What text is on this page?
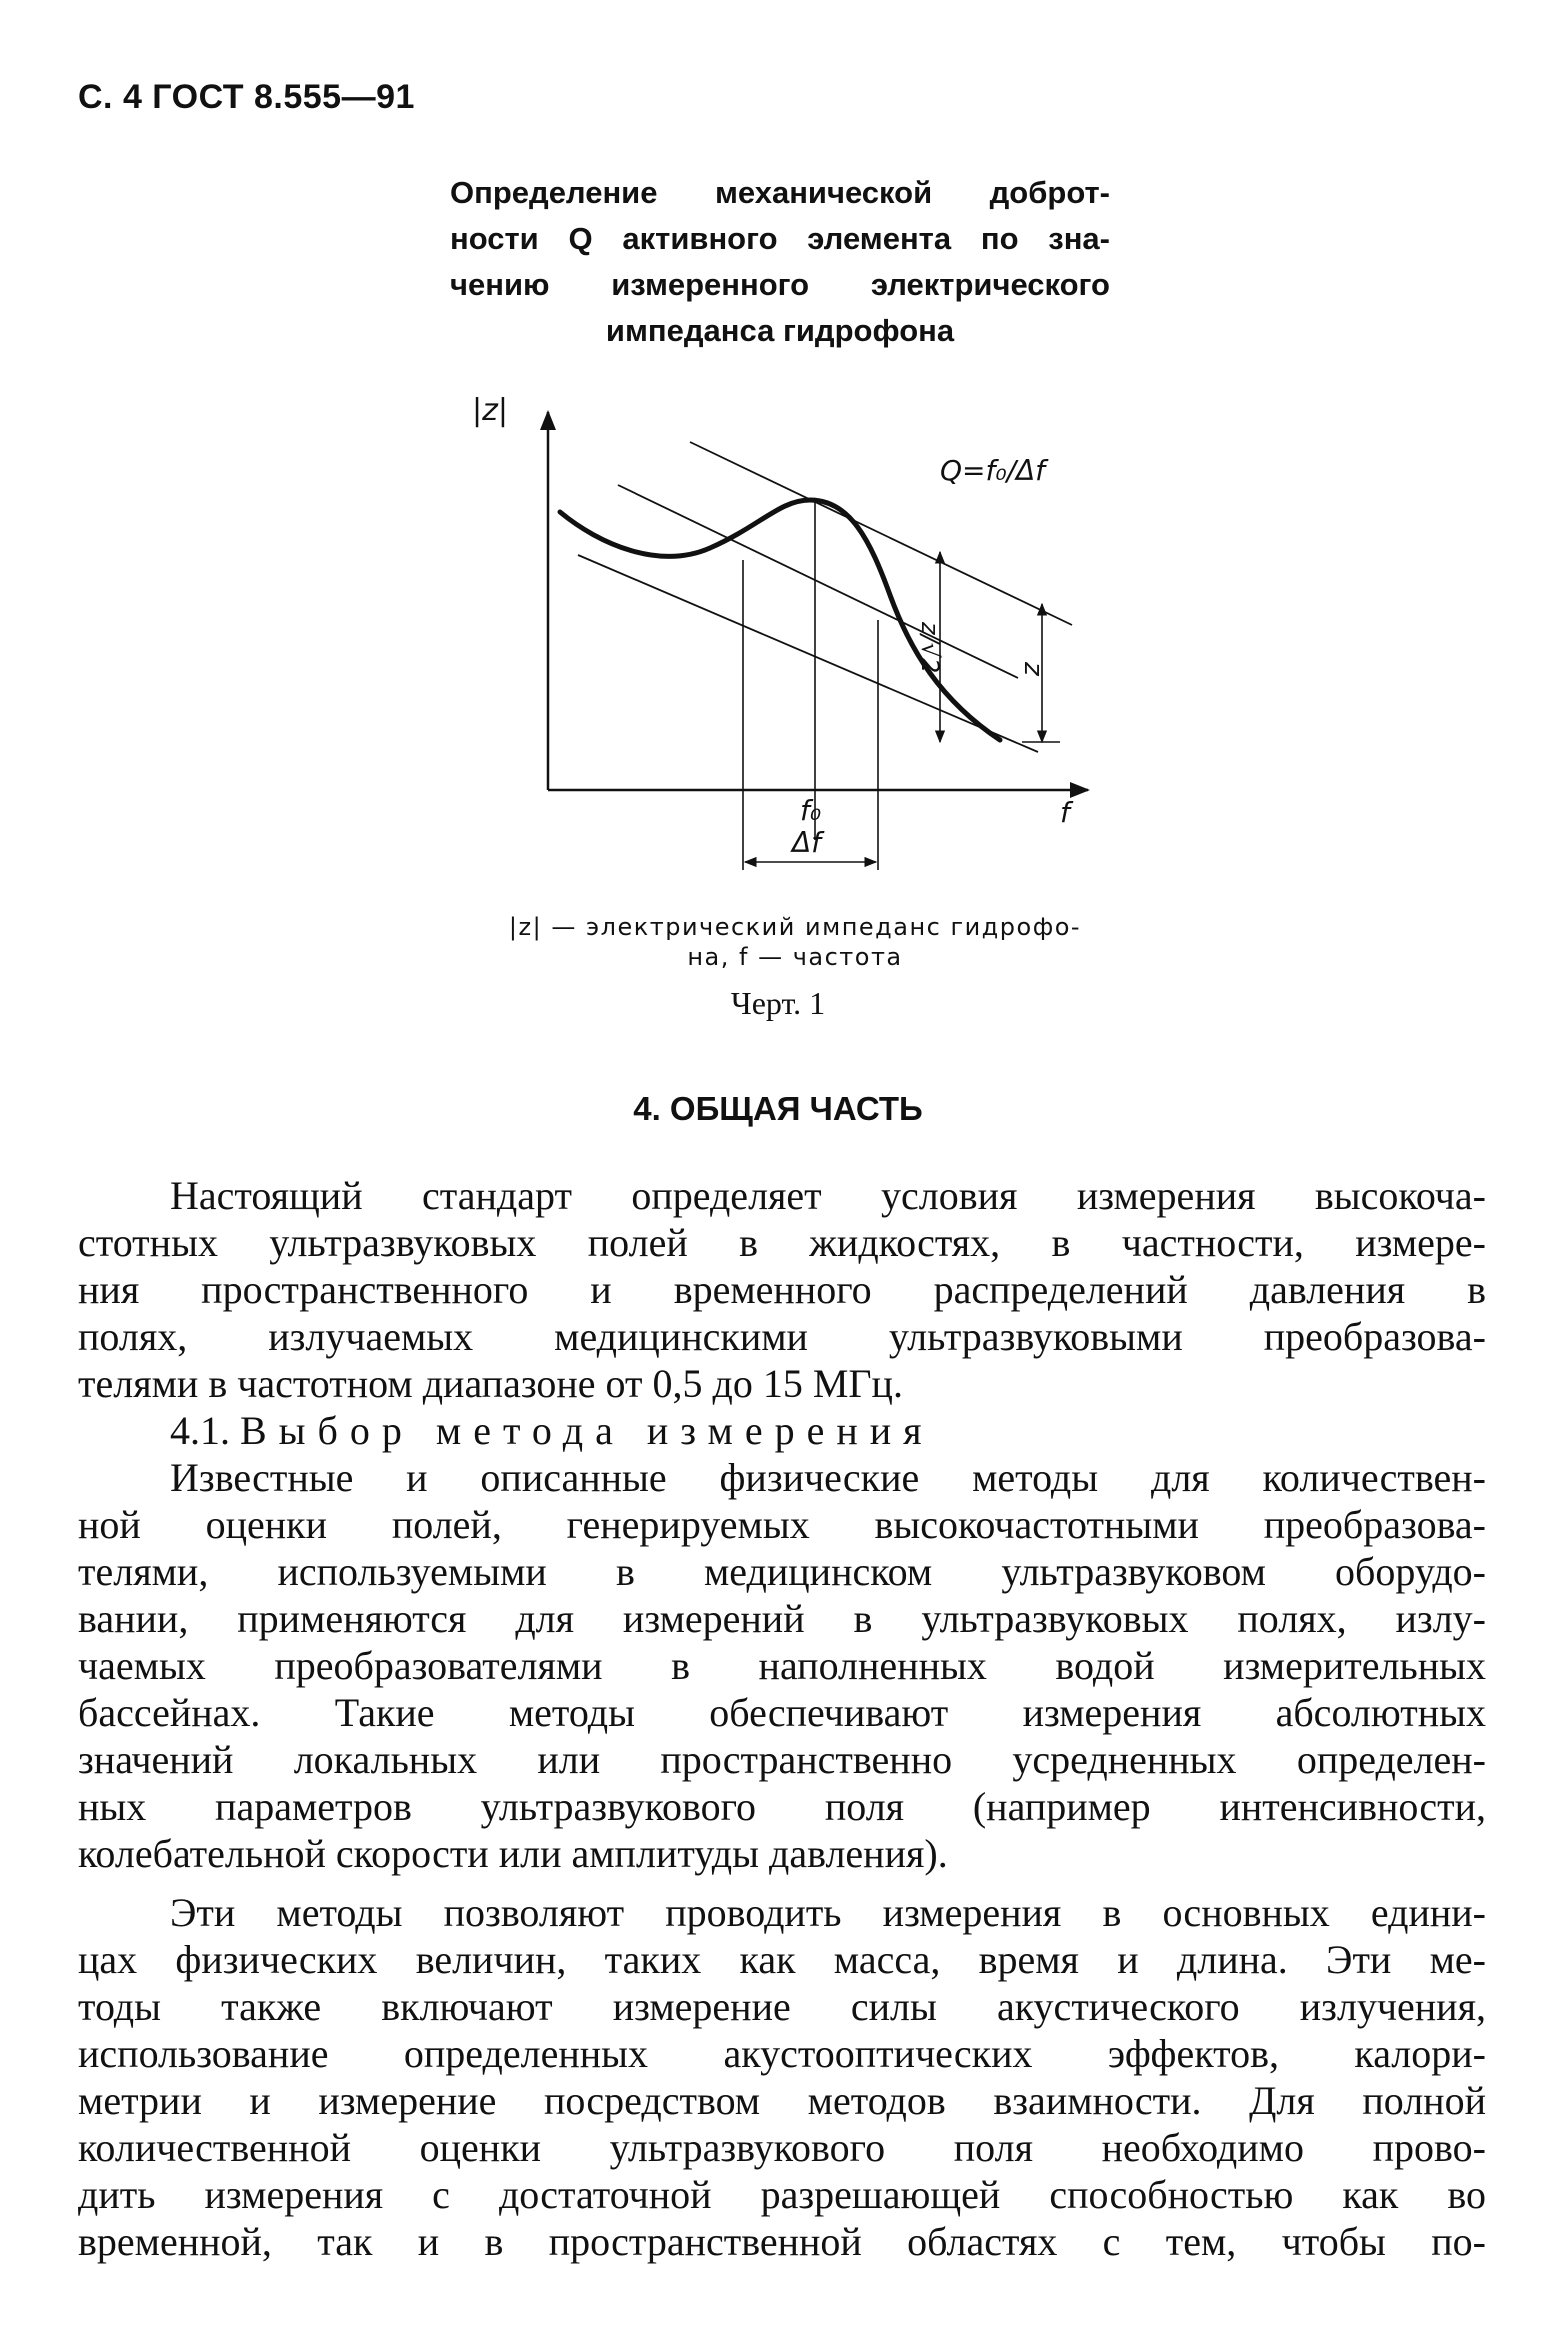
С. 4 ГОСТ 8.555—91
Определение механической доброт-
ности Q активного элемента по зна-
чению измеренного электрического
импеданса гидрофона
|z|
f
Q=f₀/Δf
z/√2	z
f₀
Δf
|z| — электрический импеданс гидрофо-
на, f — частота
Черт. 1
4. ОБЩАЯ ЧАСТЬ
Настоящий стандарт определяет условия измерения высокоча-
стотных ультразвуковых полей в жидкостях, в частности, измере-
ния пространственного и временного распределений давления в
полях, излучаемых медицинскими ультразвуковыми преобразова-
телями в частотном диапазоне от 0,5 до 15 МГц.
4.1. Выбор метода измерения
Известные и описанные физические методы для количествен-
ной оценки полей, генерируемых высокочастотными преобразова-
телями, используемыми в медицинском ультразвуковом оборудо-
вании, применяются для измерений в ультразвуковых полях, излу-
чаемых преобразователями в наполненных водой измерительных
бассейнах. Такие методы обеспечивают измерения абсолютных
значений локальных или пространственно усредненных определен-
ных параметров ультразвукового поля (например интенсивности,
колебательной скорости или амплитуды давления).
Эти методы позволяют проводить измерения в основных едини-
цах физических величин, таких как масса, время и длина. Эти ме-
тоды также включают измерение силы акустического излучения,
использование определенных акустооптических эффектов, калори-
метрии и измерение посредством методов взаимности. Для полной
количественной оценки ультразвукового поля необходимо прово-
дить измерения с достаточной разрешающей способностью как во
временной, так и в пространственной областях с тем, чтобы по-
